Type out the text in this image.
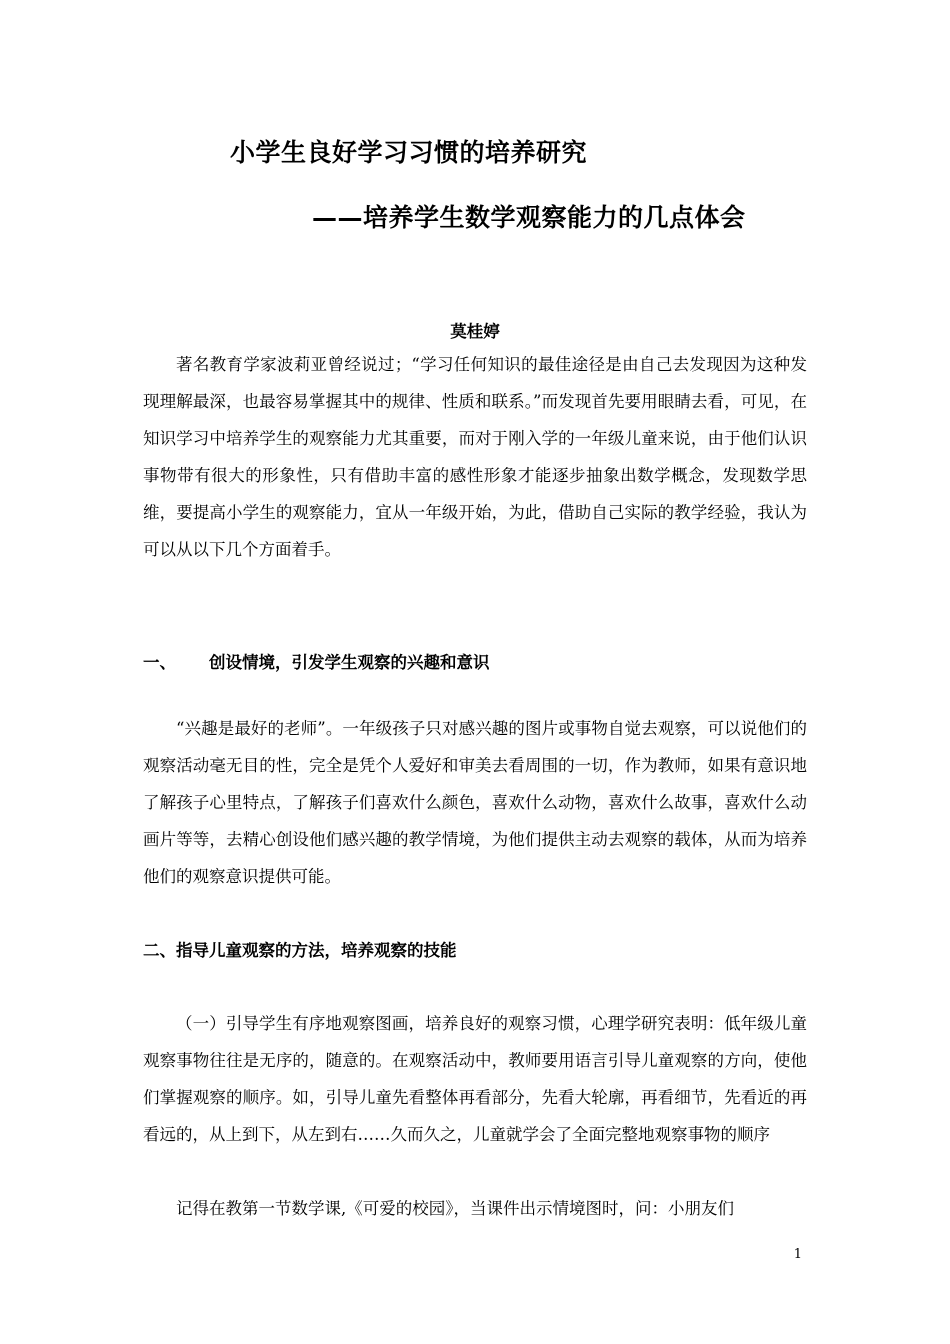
小学生良好学习习惯的培养研究
——培养学生数学观察能力的几点体会
莫桂婷

著名教育学家波莉亚曾经说过；“学习任何知识的最佳途径是由自己去发现因为这种发现理解最深，也最容易掌握其中的规律、性质和联系。”而发现首先要用眼睛去看，可见，在知识学习中培养学生的观察能力尤其重要，而对于刚入学的一年级儿童来说，由于他们认识事物带有很大的形象性，只有借助丰富的感性形象才能逐步抽象出数学概念，发现数学思维，要提高小学生的观察能力，宜从一年级开始，为此，借助自己实际的教学经验，我认为可以从以下几个方面着手。

一、 创设情境，引发学生观察的兴趣和意识

“兴趣是最好的老师”。一年级孩子只对感兴趣的图片或事物自觉去观察，可以说他们的观察活动毫无目的性，完全是凭个人爱好和审美去看周围的一切，作为教师，如果有意识地了解孩子心里特点，了解孩子们喜欢什么颜色，喜欢什么动物，喜欢什么故事，喜欢什么动画片等等，去精心创设他们感兴趣的教学情境，为他们提供主动去观察的载体，从而为培养他们的观察意识提供可能。

二、指导儿童观察的方法，培养观察的技能

（一）引导学生有序地观察图画，培养良好的观察习惯，心理学研究表明：低年级儿童观察事物往往是无序的，随意的。在观察活动中，教师要用语言引导儿童观察的方向，使他们掌握观察的顺序。如，引导儿童先看整体再看部分，先看大轮廓，再看细节，先看近的再看远的，从上到下，从左到右……久而久之，儿童就学会了全面完整地观察事物的顺序

记得在教第一节数学课,《可爱的校园》，当课件出示情境图时，问：小朋友们

1
